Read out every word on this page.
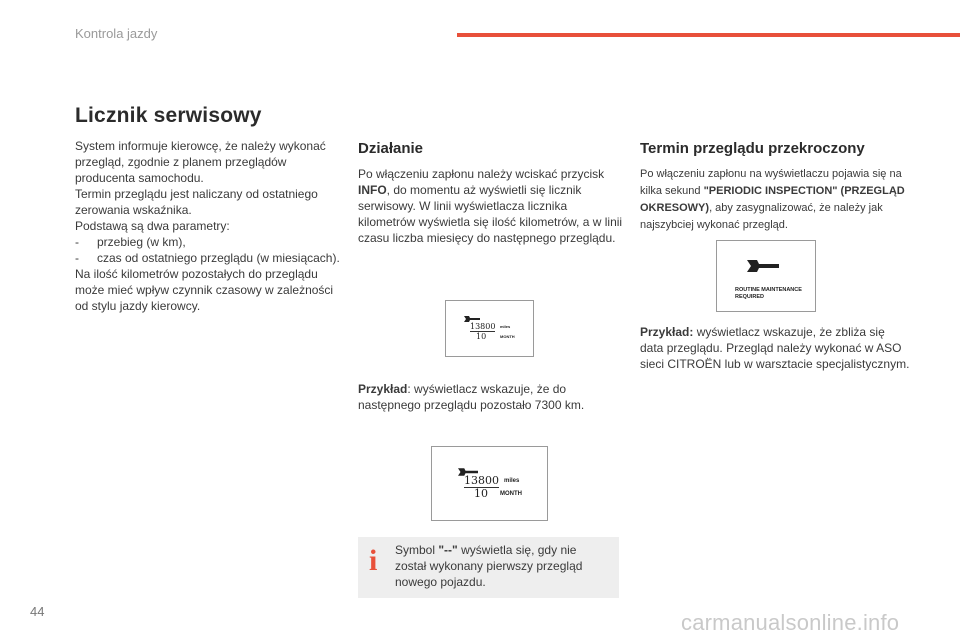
Kontrola jazdy
Licznik serwisowy

System informuje kierowcę, że należy wykonać przegląd, zgodnie z planem przeglądów producenta samochodu.

Termin przeglądu jest naliczany od ostatniego zerowania wskaźnika.

Podstawą są dwa parametry:

- przebieg (w km),
- czas od ostatniego przeglądu (w miesiącach).

Na ilość kilometrów pozostałych do przeglądu może mieć wpływ czynnik czasowy w zależności od stylu jazdy kierowcy.

Działanie
Po włączeniu zapłonu należy wciskać przycisk INFO, do momentu aż wyświetli się licznik serwisowy. W linii wyświetlacza licznika kilometrów wyświetla się ilość kilometrów, a w linii czasu liczba miesięcy do następnego przeglądu.
13800 miles
10	MONTH
Przykład: wyświetlacz wskazuje, że do następnego przeglądu pozostało 7300 km.
13800 miles
10 MONTH
Termin przeglądu przekroczony
Po włączeniu zapłonu na wyświetlaczu pojawia się na kilka sekund "PERIODIC INSPECTION" (PRZEGLĄD OKRESOWY), aby zasygnalizować, że należy jak najszybciej wykonać przegląd.
ROUTINE MAINTENANCE
REQUIRED
Przykład: wyświetlacz wskazuje, że zbliża się data przeglądu. Przegląd należy wykonać w ASO sieci CITROËN lub w warsztacie specjalistycznym.
i Symbol "--" wyświetla się, gdy nie został wykonany pierwszy przegląd nowego pojazdu.
44	carmanualsonline.info
